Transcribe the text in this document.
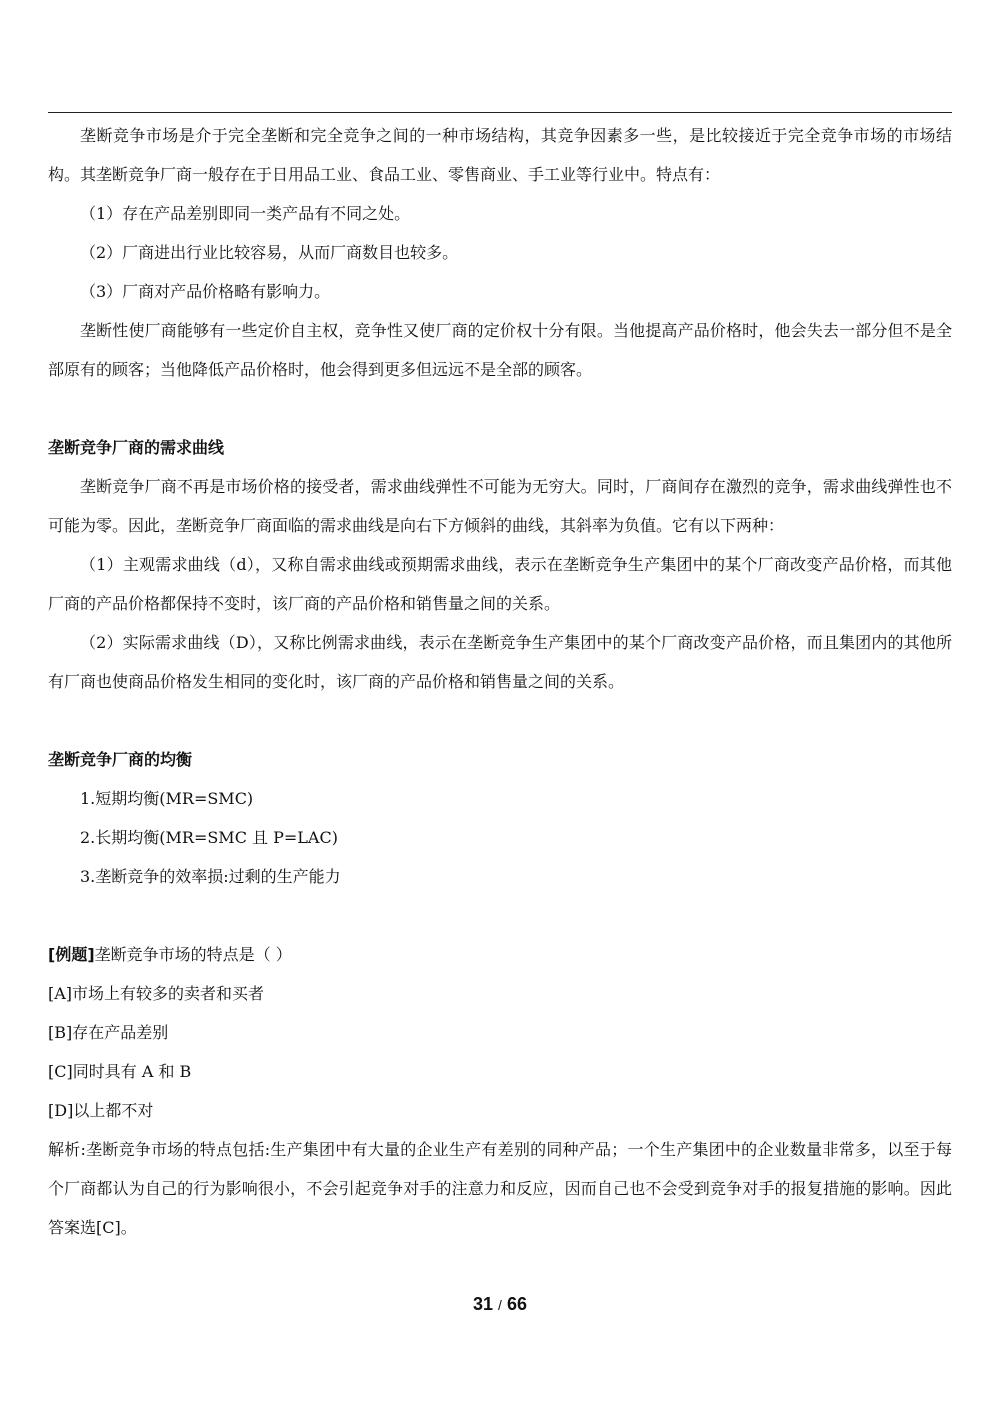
垄断竞争市场是介于完全垄断和完全竞争之间的一种市场结构，其竞争因素多一些，是比较接近于完全竞争市场的市场结构。其垄断竞争厂商一般存在于日用品工业、食品工业、零售商业、手工业等行业中。特点有：

（1）存在产品差别即同一类产品有不同之处。

（2）厂商进出行业比较容易，从而厂商数目也较多。

（3）厂商对产品价格略有影响力。

垄断性使厂商能够有一些定价自主权，竞争性又使厂商的定价权十分有限。当他提高产品价格时，他会失去一部分但不是全部原有的顾客；当他降低产品价格时，他会得到更多但远远不是全部的顾客。

垄断竞争厂商的需求曲线

垄断竞争厂商不再是市场价格的接受者，需求曲线弹性不可能为无穷大。同时，厂商间存在激烈的竞争，需求曲线弹性也不可能为零。因此，垄断竞争厂商面临的需求曲线是向右下方倾斜的曲线，其斜率为负值。它有以下两种：

（1）主观需求曲线（d），又称自需求曲线或预期需求曲线，表示在垄断竞争生产集团中的某个厂商改变产品价格，而其他厂商的产品价格都保持不变时，该厂商的产品价格和销售量之间的关系。

（2）实际需求曲线（D），又称比例需求曲线，表示在垄断竞争生产集团中的某个厂商改变产品价格，而且集团内的其他所有厂商也使商品价格发生相同的变化时，该厂商的产品价格和销售量之间的关系。

垄断竞争厂商的均衡

1.短期均衡(MR=SMC)

2.长期均衡(MR=SMC 且 P=LAC)

3.垄断竞争的效率损:过剩的生产能力

[例题]垄断竞争市场的特点是（ ）

[A]市场上有较多的卖者和买者

[B]存在产品差别

[C]同时具有 A 和 B

[D]以上都不对

解析:垄断竞争市场的特点包括:生产集团中有大量的企业生产有差别的同种产品；一个生产集团中的企业数量非常多，以至于每个厂商都认为自己的行为影响很小，不会引起竞争对手的注意力和反应，因而自己也不会受到竞争对手的报复措施的影响。因此答案选[C]。

31 / 66
